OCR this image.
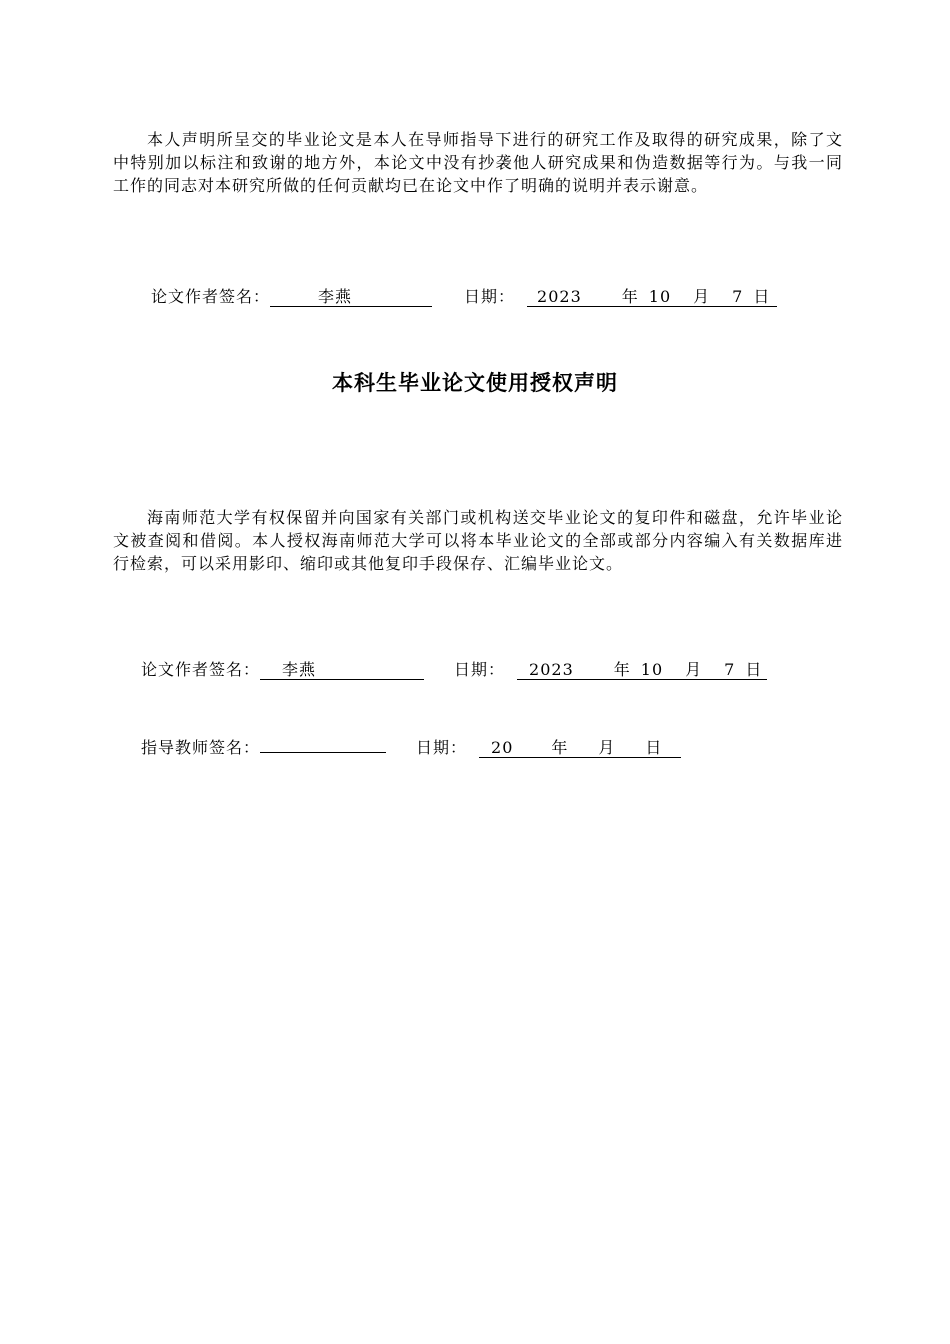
本人声明所呈交的毕业论文是本人在导师指导下进行的研究工作及取得的研究成果，除了文中特别加以标注和致谢的地方外，本论文中没有抄袭他人研究成果和伪造数据等行为。与我一同工作的同志对本研究所做的任何贡献均已在论文中作了明确的说明并表示谢意。

论文作者签名：	李燕	日期：	2023	年 10 月 7 日
本科生毕业论文使用授权声明

海南师范大学有权保留并向国家有关部门或机构送交毕业论文的复印件和磁盘，允许毕业论文被查阅和借阅。本人授权海南师范大学可以将本毕业论文的全部或部分内容编入有关数据库进行检索，可以采用影印、缩印或其他复印手段保存、汇编毕业论文。

论文作者签名：	李燕	日期：	2023	年 10 月 7 日
指导教师签名：	日期：	20 年 月 日
